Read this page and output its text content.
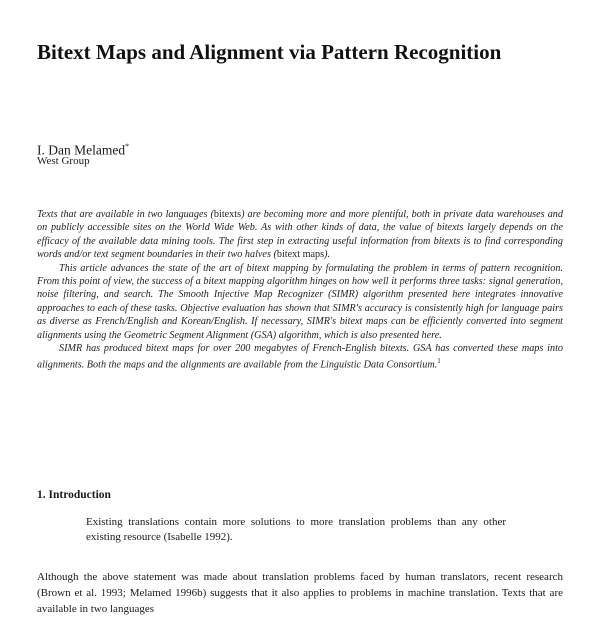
Bitext Maps and Alignment via Pattern Recognition
I. Dan Melamed*
West Group

Texts that are available in two languages (bitexts) are becoming more and more plentiful, both in private data warehouses and on publicly accessible sites on the World Wide Web. As with other kinds of data, the value of bitexts largely depends on the efficacy of the available data mining tools. The first step in extracting useful information from bitexts is to find corresponding words and/or text segment boundaries in their two halves (bitext maps).

This article advances the state of the art of bitext mapping by formulating the problem in terms of pattern recognition. From this point of view, the success of a bitext mapping algorithm hinges on how well it performs three tasks: signal generation, noise filtering, and search. The Smooth Injective Map Recognizer (SIMR) algorithm presented here integrates innovative approaches to each of these tasks. Objective evaluation has shown that SIMR's accuracy is consistently high for language pairs as diverse as French/English and Korean/English. If necessary, SIMR's bitext maps can be efficiently converted into segment alignments using the Geometric Segment Alignment (GSA) algorithm, which is also presented here.

SIMR has produced bitext maps for over 200 megabytes of French-English bitexts. GSA has converted these maps into alignments. Both the maps and the alignments are available from the Linguistic Data Consortium.$^1$

1. Introduction
Existing translations contain more solutions to more translation problems than any other existing resource (Isabelle 1992).

Although the above statement was made about translation problems faced by human translators, recent research (Brown et al. 1993; Melamed 1996b) suggests that it also applies to problems in machine translation. Texts that are available in two languages
